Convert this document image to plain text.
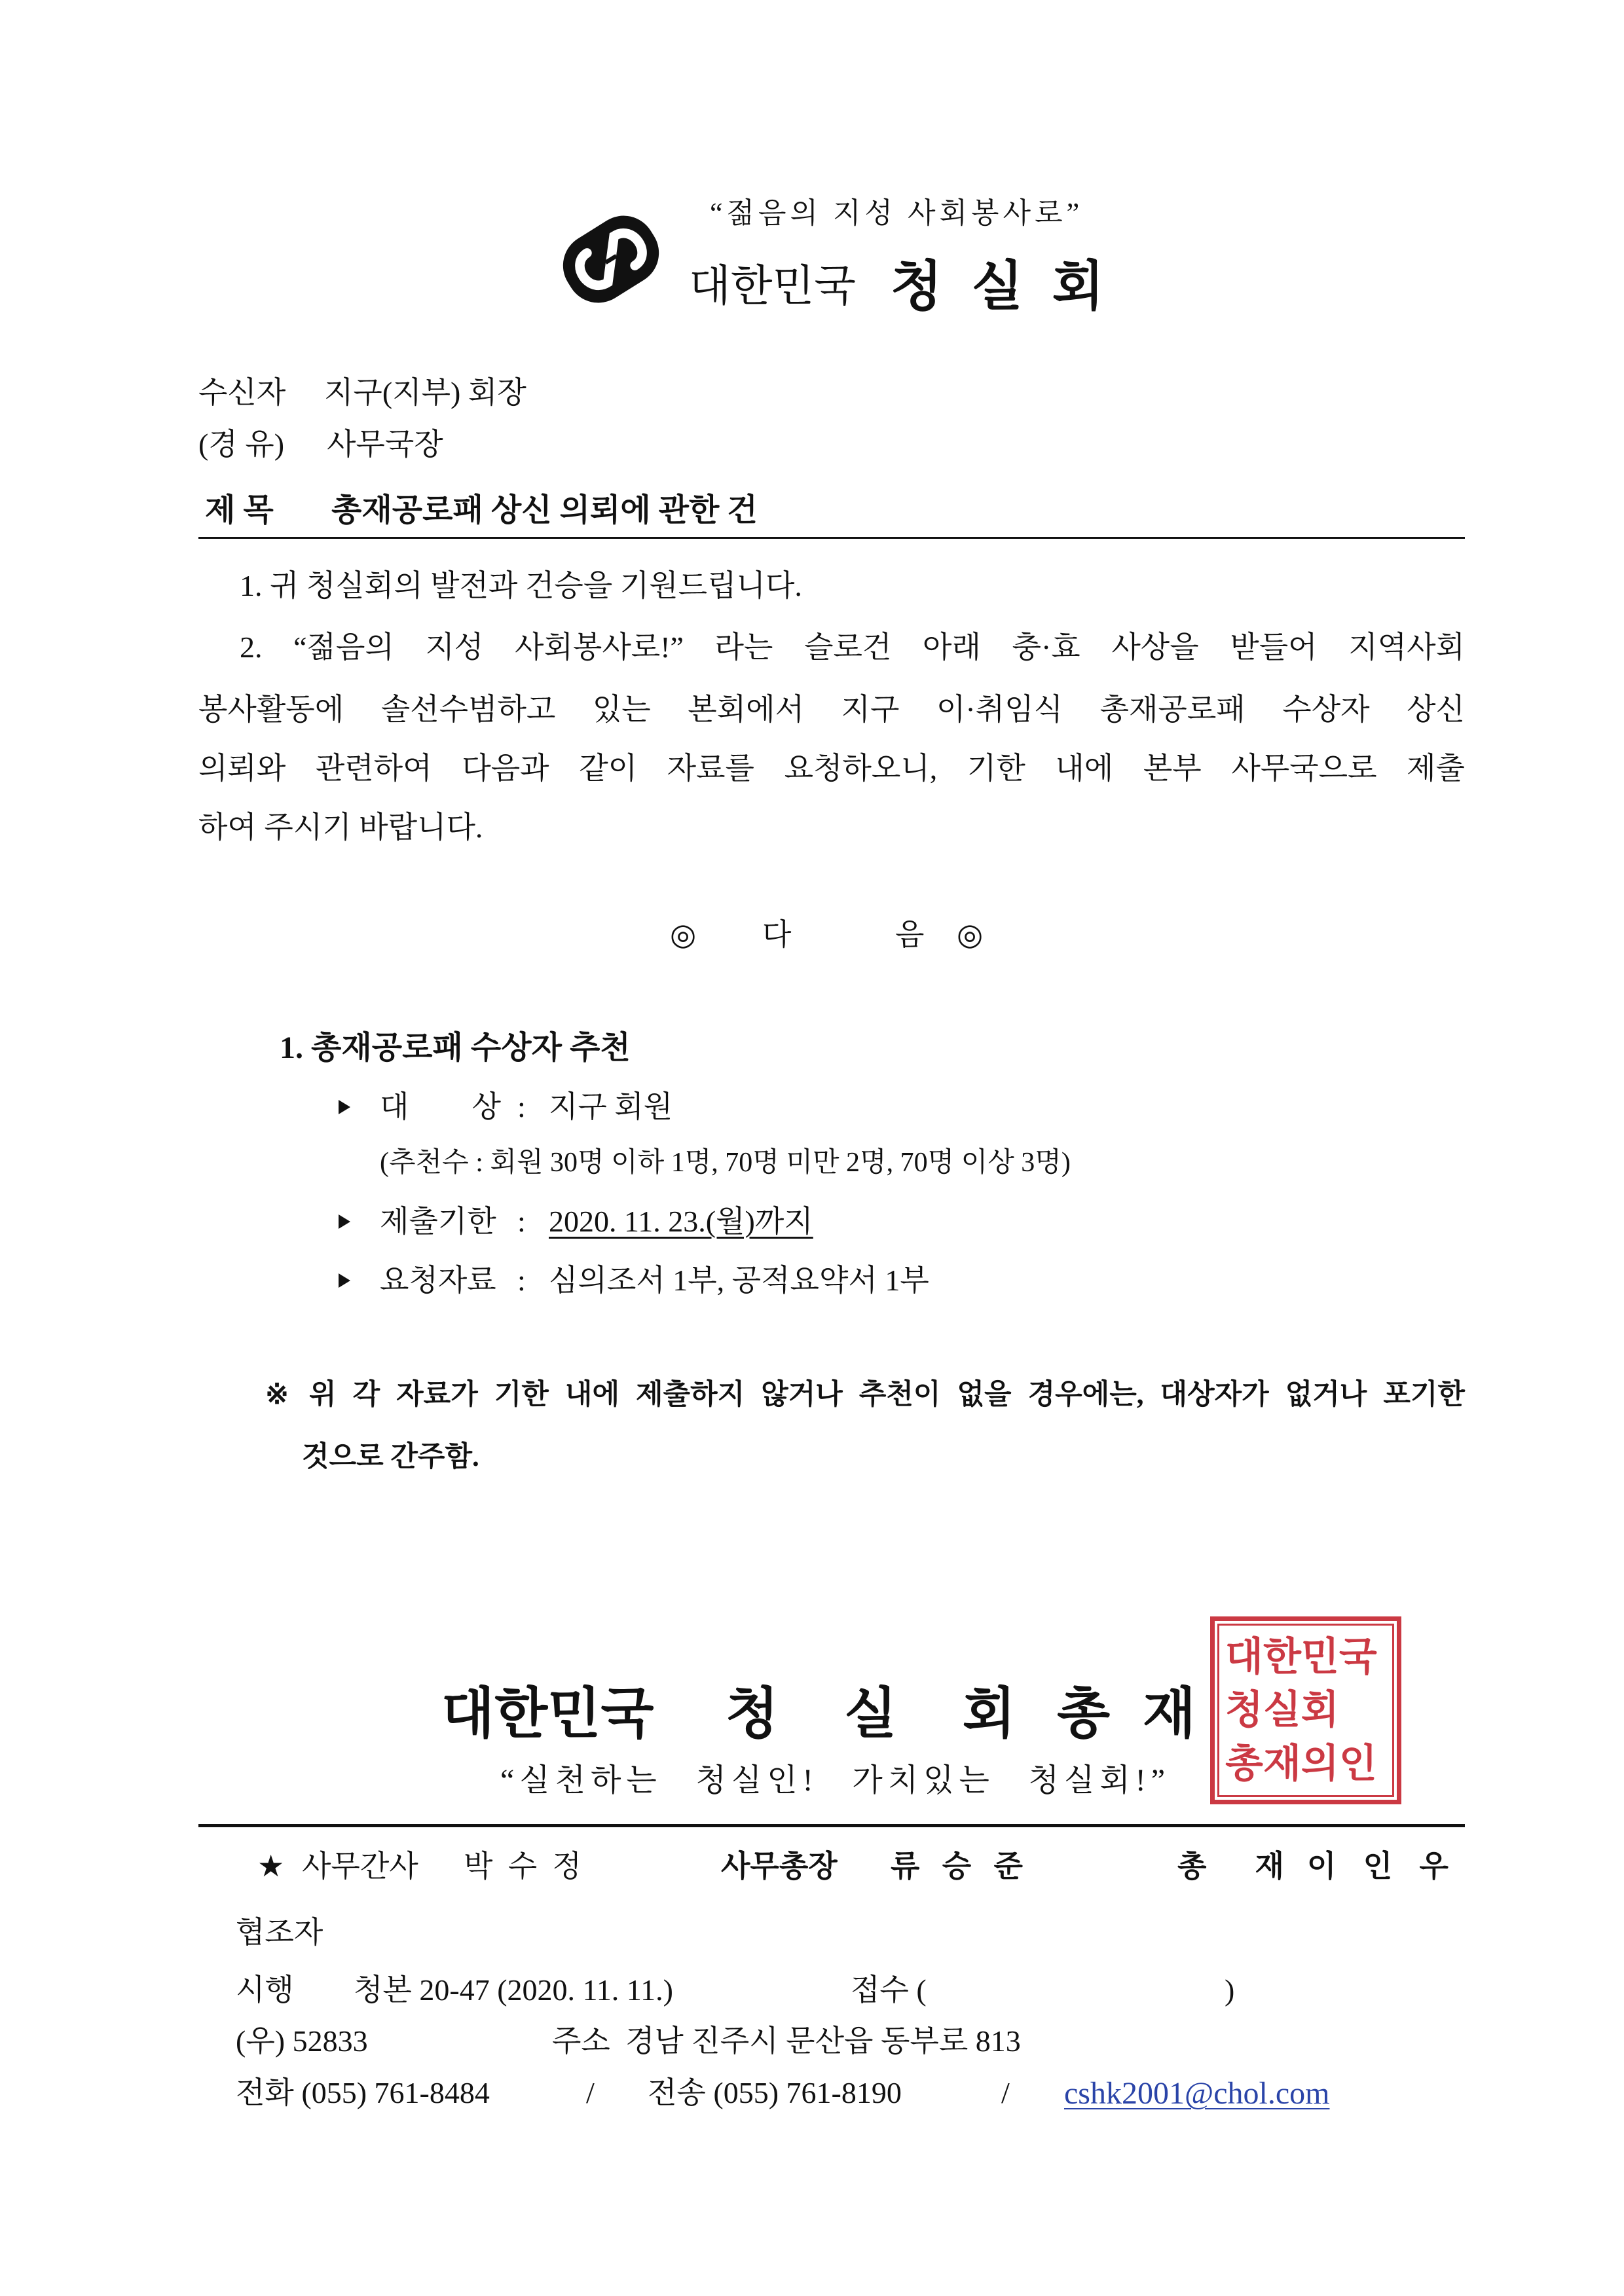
“젊음의 지성 사회봉사로”
대한민국 청 실 회
수신자 지구(지부) 회장
(경 유) 사무국장
제 목 총재공로패 상신 의뢰에 관한 건
1. 귀 청실회의 발전과 건승을 기원드립니다.
2. “젊음의 지성 사회봉사로!” 라는 슬로건 아래 충·효 사상을 받들어 지역사회
봉사활동에 솔선수범하고 있는 본회에서 지구 이·취임식 총재공로패 수상자 상신
의뢰와 관련하여 다음과 같이 자료를 요청하오니, 기한 내에 본부 사무국으로 제출
하여 주시기 바랍니다.
◎ 다	음 ◎
1. 총재공로패 수상자 추천
대 상 : 지구 회원
(추천수 : 회원 30명 이하 1명, 70명 미만 2명, 70명 이상 3명)
제출기한 : 2020. 11. 23.(월)까지
요청자료 : 심의조서 1부, 공적요약서 1부
※ 위 각 자료가 기한 내에 제출하지 않거나 추천이 없을 경우에는, 대상자가 없거나 포기한
것으로 간주함.
대한민국 청 실 회 총 재
“실천하는 청실인! 가치있는 청실회!”
대한민국
청실회
총재의인
★ 사무간사 박 수 정	사무총장 류 승 준	총 재 이 인 우
협조자
시행 청본 20-47 (2020. 11. 11.)	접수 (	)
(우) 52833	주소 경남 진주시 문산읍 동부로 813
전화 (055) 761-8484	/ 전송 (055) 761-8190	/ cshk2001@chol.com
